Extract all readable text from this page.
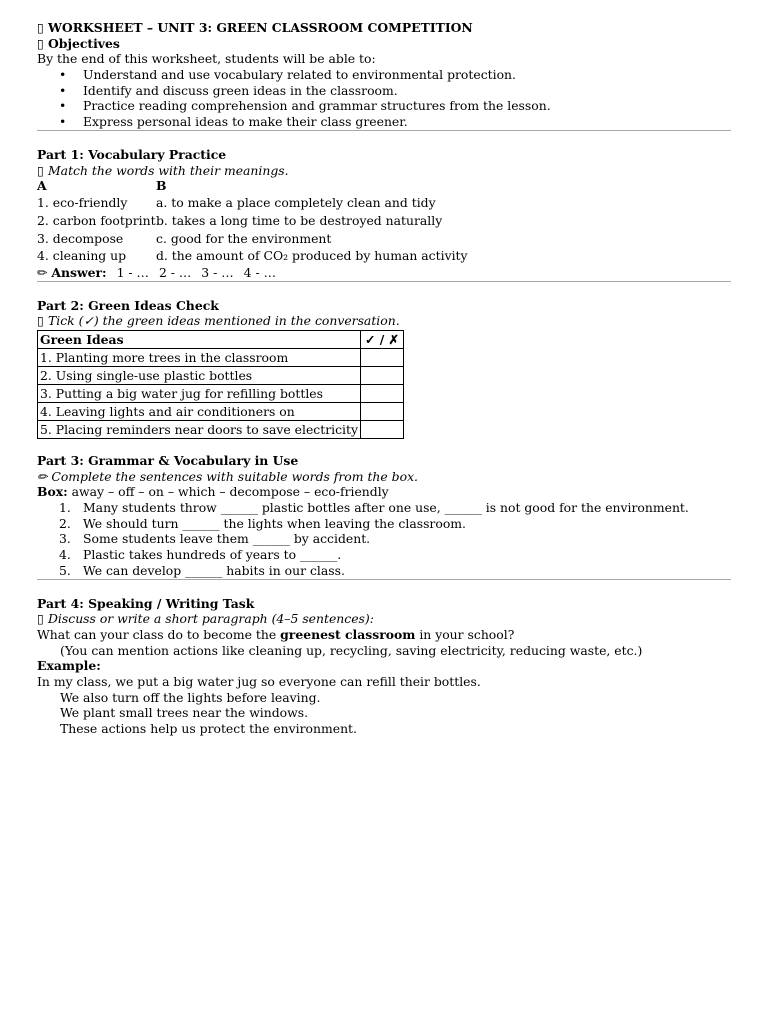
▯ WORKSHEET – UNIT 3: GREEN CLASSROOM COMPETITION
▯ Objectives
By the end of this worksheet, students will be able to:
• Understand and use vocabulary related to environmental protection.
• Identify and discuss green ideas in the classroom.
• Practice reading comprehension and grammar structures from the lesson.
• Express personal ideas to make their class greener.
Part 1: Vocabulary Practice
▯ Match the words with their meanings.
A	B
1. eco-friendly	a. to make a place completely clean and tidy
2. carbon footprint b. takes a long time to be destroyed naturally
3. decompose	c. good for the environment
4. cleaning up	d. the amount of CO₂ produced by human activity
✏ Answer: 1 - … 2 - … 3 - … 4 - …
Part 2: Green Ideas Check
▯ Tick (✓) the green ideas mentioned in the conversation.
Green Ideas	✓ / ✗
1. Planting more trees in the classroom	
2. Using single-use plastic bottles	
3. Putting a big water jug for refilling bottles	
4. Leaving lights and air conditioners on	
5. Placing reminders near doors to save electricity	
Part 3: Grammar & Vocabulary in Use
✏ Complete the sentences with suitable words from the box.
Box: away – off – on – which – decompose – eco-friendly
1. Many students throw ______ plastic bottles after one use, ______ is not good for the environment.
2. We should turn ______ the lights when leaving the classroom.
3. Some students leave them ______ by accident.
4. Plastic takes hundreds of years to ______.
5. We can develop ______ habits in our class.
Part 4: Speaking / Writing Task
▯ Discuss or write a short paragraph (4–5 sentences):
What can your class do to become the greenest classroom in your school?
(You can mention actions like cleaning up, recycling, saving electricity, reducing waste, etc.)
Example:
In my class, we put a big water jug so everyone can refill their bottles.
We also turn off the lights before leaving.
We plant small trees near the windows.
These actions help us protect the environment.
